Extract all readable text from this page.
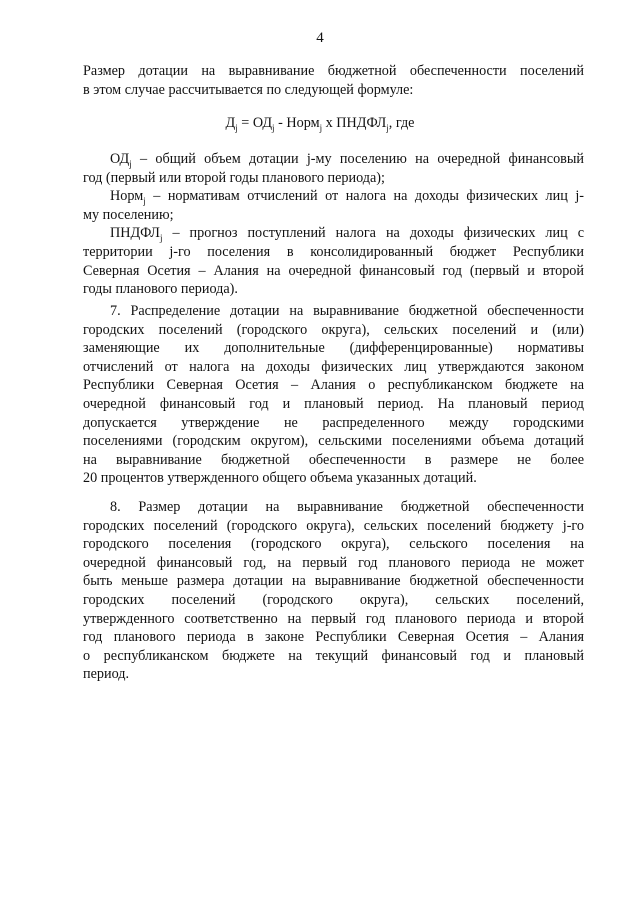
4
Размер дотации на выравнивание бюджетной обеспеченности поселений
в этом случае рассчитывается по следующей формуле:
$Д_j = ОД_j$ - Норм$_j$ х $ПНДФЛ_j$, где
$ОД_j$ – общий объем дотации j-му поселению на очередной финансовый
год (первый или второй годы планового периода);
Норм$_j$ – нормативам отчислений от налога на доходы физических лиц j-
му поселению;
$ПНДФЛ_j$ – прогноз поступлений налога на доходы физических лиц с
территории j-го поселения в консолидированный бюджет Республики
Северная Осетия – Алания на очередной финансовый год (первый и второй
годы планового периода).
7. Распределение дотации на выравнивание бюджетной обеспеченности
городских поселений (городского округа), сельских поселений и (или)
заменяющие их дополнительные (дифференцированные) нормативы
отчислений от налога на доходы физических лиц утверждаются законом
Республики Северная Осетия – Алания о республиканском бюджете на
очередной финансовый год и плановый период. На плановый период
допускается утверждение не распределенного между городскими
поселениями (городским округом), сельскими поселениями объема дотаций
на выравнивание бюджетной обеспеченности в размере не более
20 процентов утвержденного общего объема указанных дотаций.
8. Размер дотации на выравнивание бюджетной обеспеченности
городских поселений (городского округа), сельских поселений бюджету j-го
городского поселения (городского округа), сельского поселения на
очередной финансовый год, на первый год планового периода не может
быть меньше размера дотации на выравнивание бюджетной обеспеченности
городских поселений (городского округа), сельских поселений,
утвержденного соответственно на первый год планового периода и второй
год планового периода в законе Республики Северная Осетия – Алания
о республиканском бюджете на текущий финансовый год и плановый
период.
